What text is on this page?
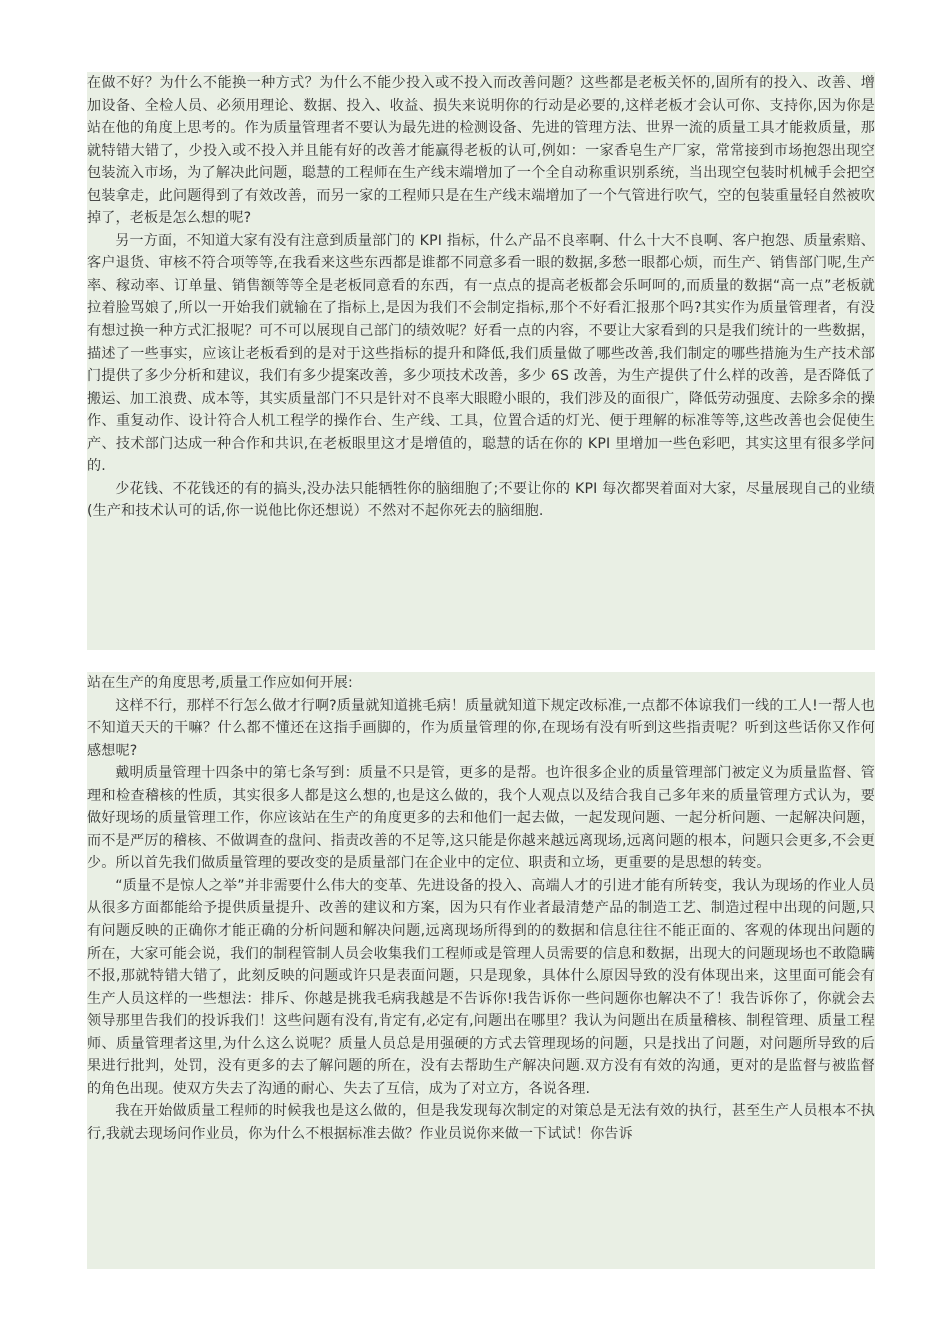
在做不好？为什么不能换一种方式？为什么不能少投入或不投入而改善问题？这些都是老板关怀的,固所有的投入、改善、增加设备、全检人员、必须用理论、数据、投入、收益、损失来说明你的行动是必要的,这样老板才会认可你、支持你,因为你是站在他的角度上思考的。作为质量管理者不要认为最先进的检测设备、先进的管理方法、世界一流的质量工具才能救质量，那就特错大错了，少投入或不投入并且能有好的改善才能赢得老板的认可,例如：一家香皂生产厂家，常常接到市场抱怨出现空包装流入市场，为了解决此问题，聪慧的工程师在生产线末端增加了一个全自动称重识别系统，当出现空包装时机械手会把空包装拿走，此问题得到了有效改善，而另一家的工程师只是在生产线末端增加了一个气管进行吹气，空的包装重量轻自然被吹掉了，老板是怎么想的呢?

另一方面，不知道大家有没有注意到质量部门的 KPI 指标，什么产品不良率啊、什么十大不良啊、客户抱怨、质量索赔、客户退货、审核不符合项等等,在我看来这些东西都是谁都不同意多看一眼的数据,多愁一眼都心烦，而生产、销售部门呢,生产率、稼动率、订单量、销售额等等全是老板同意看的东西，有一点点的提高老板都会乐呵呵的,而质量的数据“高一点”老板就拉着脸骂娘了,所以一开始我们就输在了指标上,是因为我们不会制定指标,那个不好看汇报那个吗?其实作为质量管理者，有没有想过换一种方式汇报呢？可不可以展现自己部门的绩效呢？好看一点的内容，不要让大家看到的只是我们统计的一些数据，描述了一些事实，应该让老板看到的是对于这些指标的提升和降低,我们质量做了哪些改善,我们制定的哪些措施为生产技术部门提供了多少分析和建议，我们有多少提案改善，多少项技术改善，多少 6S 改善，为生产提供了什么样的改善，是否降低了搬运、加工浪费、成本等，其实质量部门不只是针对不良率大眼瞪小眼的，我们涉及的面很广，降低劳动强度、去除多余的操作、重复动作、设计符合人机工程学的操作台、生产线、工具，位置合适的灯光、便于理解的标准等等,这些改善也会促使生产、技术部门达成一种合作和共识,在老板眼里这才是增值的，聪慧的话在你的 KPI 里增加一些色彩吧，其实这里有很多学问的.

少花钱、不花钱还的有的搞头,没办法只能牺牲你的脑细胞了;不要让你的 KPI 每次都哭着面对大家，尽量展现自己的业绩(生产和技术认可的话,你一说他比你还想说）不然对不起你死去的脑细胞.

站在生产的角度思考,质量工作应如何开展:

这样不行，那样不行怎么做才行啊?质量就知道挑毛病！质量就知道下规定改标准,一点都不体谅我们一线的工人!一帮人也不知道天天的干嘛？什么都不懂还在这指手画脚的，作为质量管理的你,在现场有没有听到这些指责呢？听到这些话你又作何感想呢?

戴明质量管理十四条中的第七条写到：质量不只是管，更多的是帮。也许很多企业的质量管理部门被定义为质量监督、管理和检查稽核的性质，其实很多人都是这么想的,也是这么做的，我个人观点以及结合我自己多年来的质量管理方式认为，要做好现场的质量管理工作，你应该站在生产的角度更多的去和他们一起去做，一起发现问题、一起分析问题、一起解决问题，而不是严厉的稽核、不做调查的盘问、指责改善的不足等,这只能是你越来越远离现场,远离问题的根本，问题只会更多,不会更少。所以首先我们做质量管理的要改变的是质量部门在企业中的定位、职责和立场，更重要的是思想的转变。

“质量不是惊人之举”并非需要什么伟大的变革、先进设备的投入、高端人才的引进才能有所转变，我认为现场的作业人员从很多方面都能给予提供质量提升、改善的建议和方案，因为只有作业者最清楚产品的制造工艺、制造过程中出现的问题,只有问题反映的正确你才能正确的分析问题和解决问题,远离现场所得到的的数据和信息往往不能正面的、客观的体现出问题的所在，大家可能会说，我们的制程管制人员会收集我们工程师或是管理人员需要的信息和数据，出现大的问题现场也不敢隐瞒不报,那就特错大错了，此刻反映的问题或许只是表面问题，只是现象，具体什么原因导致的没有体现出来，这里面可能会有生产人员这样的一些想法：排斥、你越是挑我毛病我越是不告诉你!我告诉你一些问题你也解决不了！我告诉你了，你就会去领导那里告我们的投诉我们！这些问题有没有,肯定有,必定有,问题出在哪里？我认为问题出在质量稽核、制程管理、质量工程师、质量管理者这里,为什么这么说呢？质量人员总是用强硬的方式去管理现场的问题，只是找出了问题，对问题所导致的后果进行批判，处罚，没有更多的去了解问题的所在，没有去帮助生产解决问题.双方没有有效的沟通，更对的是监督与被监督的角色出现。使双方失去了沟通的耐心、失去了互信，成为了对立方，各说各理.

我在开始做质量工程师的时候我也是这么做的，但是我发现每次制定的对策总是无法有效的执行，甚至生产人员根本不执行,我就去现场问作业员，你为什么不根据标准去做？作业员说你来做一下试试！你告诉
